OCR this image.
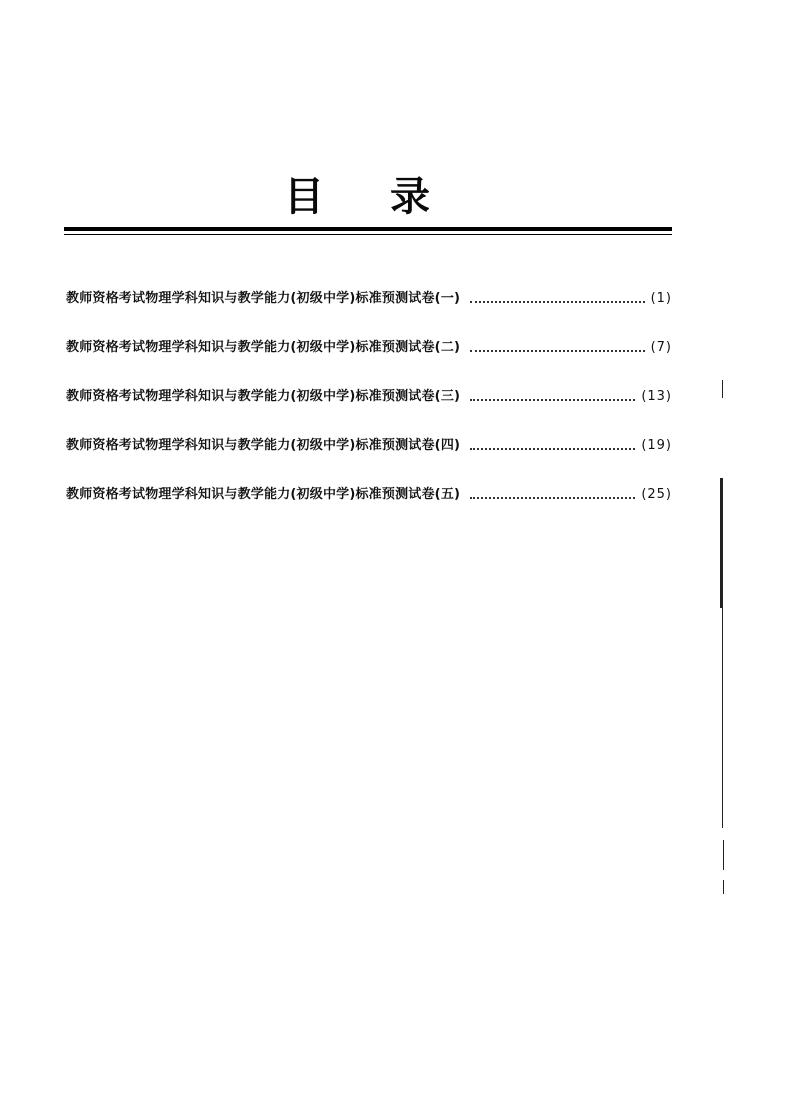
目 录
教师资格考试物理学科知识与教学能力(初级中学)标准预测试卷(一)	(1)
教师资格考试物理学科知识与教学能力(初级中学)标准预测试卷(二)	(7)
教师资格考试物理学科知识与教学能力(初级中学)标准预测试卷(三)	(13)
教师资格考试物理学科知识与教学能力(初级中学)标准预测试卷(四)	(19)
教师资格考试物理学科知识与教学能力(初级中学)标准预测试卷(五)	(25)
